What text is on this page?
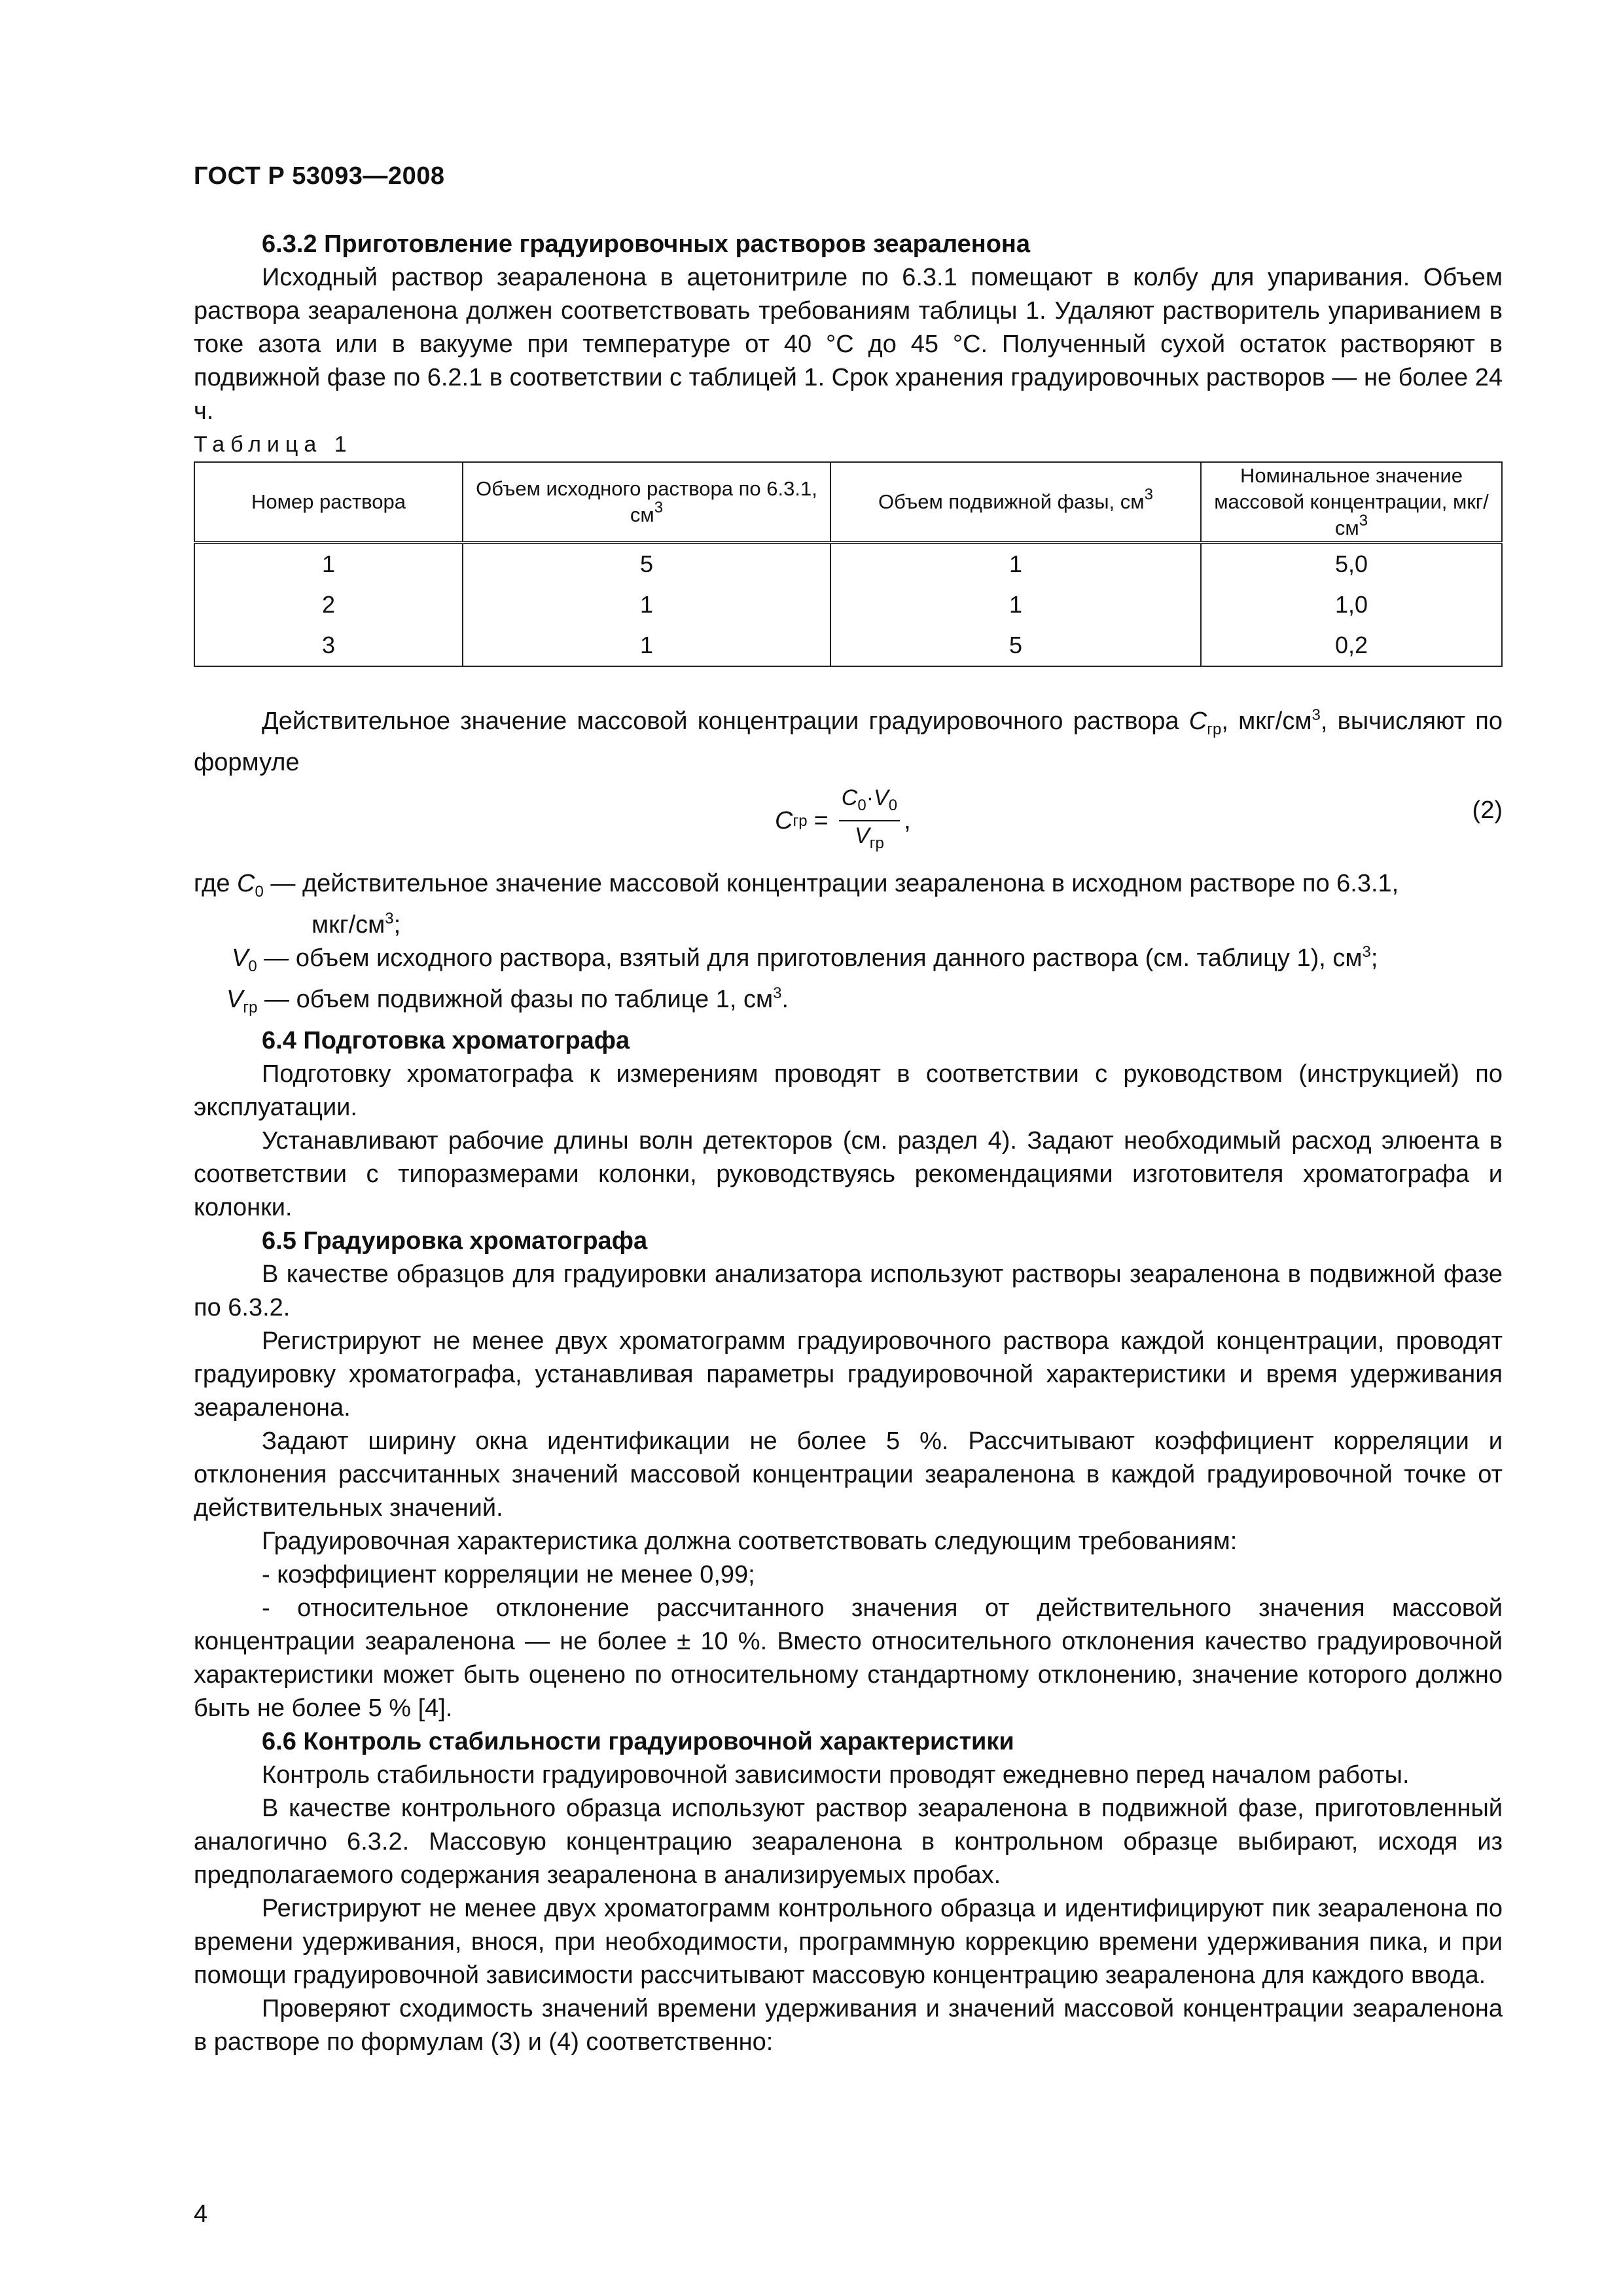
ГОСТ Р 53093—2008
6.3.2 Приготовление градуировочных растворов зеараленона

Исходный раствор зеараленона в ацетонитриле по 6.3.1 помещают в колбу для упаривания. Объем раствора зеараленона должен соответствовать требованиям таблицы 1. Удаляют растворитель упариванием в токе азота или в вакууме при температуре от 40 °С до 45 °С. Полученный сухой остаток растворяют в подвижной фазе по 6.2.1 в соответствии с таблицей 1. Срок хранения градуировочных растворов — не более 24 ч.

Таблица 1

Номер раствора	Объем исходного раствора по 6.3.1, $см^3$	Объем подвижной фазы, $см^3$	Номинальное значение массовой концентрации, мкг/$см^3$
1	5	1	5,0
2	1	1	1,0
3	1	5	0,2

Действительное значение массовой концентрации градуировочного раствора $C_{гр}$, мкг/$см^3$, вычисляют по формуле

C гр = $\frac{C_0\cdot V_0}{V_{гр}}$ ,	(2)

где $C_0$ — действительное значение массовой концентрации зеараленона в исходном растворе по 6.3.1,

мкг/$см^3$;

$V_0$ — объем исходного раствора, взятый для приготовления данного раствора (см. таблицу 1), $см^3$;

$V_{гр}$ — объем подвижной фазы по таблице 1, $см^3$.

6.4 Подготовка хроматографа

Подготовку хроматографа к измерениям проводят в соответствии с руководством (инструкцией) по эксплуатации.

Устанавливают рабочие длины волн детекторов (см. раздел 4). Задают необходимый расход элюента в соответствии с типоразмерами колонки, руководствуясь рекомендациями изготовителя хроматографа и колонки.

6.5 Градуировка хроматографа

В качестве образцов для градуировки анализатора используют растворы зеараленона в подвижной фазе по 6.3.2.

Регистрируют не менее двух хроматограмм градуировочного раствора каждой концентрации, проводят градуировку хроматографа, устанавливая параметры градуировочной характеристики и время удерживания зеараленона.

Задают ширину окна идентификации не более 5 %. Рассчитывают коэффициент корреляции и отклонения рассчитанных значений массовой концентрации зеараленона в каждой градуировочной точке от действительных значений.

Градуировочная характеристика должна соответствовать следующим требованиям:

- коэффициент корреляции не менее 0,99;

- относительное отклонение рассчитанного значения от действительного значения массовой концентрации зеараленона — не более ± 10 %. Вместо относительного отклонения качество градуировочной характеристики может быть оценено по относительному стандартному отклонению, значение которого должно быть не более 5 % [4].

6.6 Контроль стабильности градуировочной характеристики

Контроль стабильности градуировочной зависимости проводят ежедневно перед началом работы.

В качестве контрольного образца используют раствор зеараленона в подвижной фазе, приготовленный аналогично 6.3.2. Массовую концентрацию зеараленона в контрольном образце выбирают, исходя из предполагаемого содержания зеараленона в анализируемых пробах.

Регистрируют не менее двух хроматограмм контрольного образца и идентифицируют пик зеараленона по времени удерживания, внося, при необходимости, программную коррекцию времени удерживания пика, и при помощи градуировочной зависимости рассчитывают массовую концентрацию зеараленона для каждого ввода.

Проверяют сходимость значений времени удерживания и значений массовой концентрации зеараленона в растворе по формулам (3) и (4) соответственно:

4
